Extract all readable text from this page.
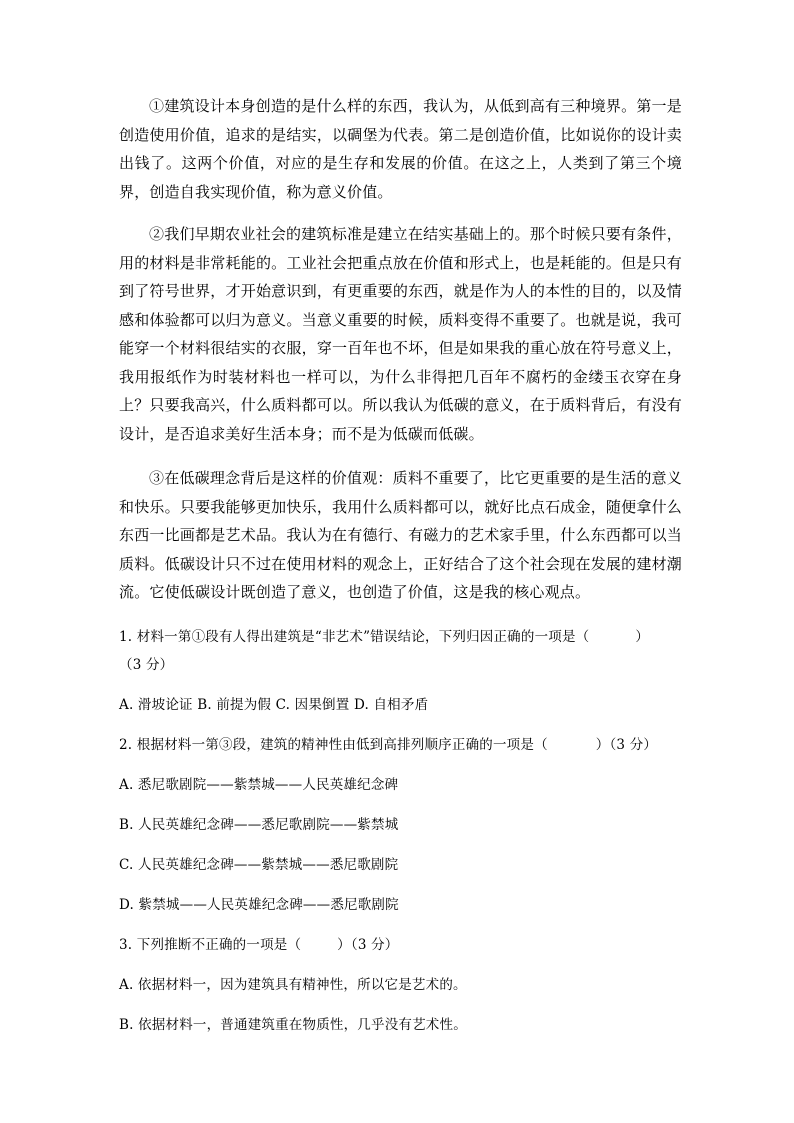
①建筑设计本身创造的是什么样的东西，我认为，从低到高有三种境界。第一是创造使用价值，追求的是结实，以碉堡为代表。第二是创造价值，比如说你的设计卖出钱了。这两个价值，对应的是生存和发展的价值。在这之上，人类到了第三个境界，创造自我实现价值，称为意义价值。

②我们早期农业社会的建筑标准是建立在结实基础上的。那个时候只要有条件，用的材料是非常耗能的。工业社会把重点放在价值和形式上，也是耗能的。但是只有到了符号世界，才开始意识到，有更重要的东西，就是作为人的本性的目的，以及情感和体验都可以归为意义。当意义重要的时候，质料变得不重要了。也就是说，我可能穿一个材料很结实的衣服，穿一百年也不坏，但是如果我的重心放在符号意义上，我用报纸作为时装材料也一样可以，为什么非得把几百年不腐朽的金缕玉衣穿在身上？只要我高兴，什么质料都可以。所以我认为低碳的意义，在于质料背后，有没有设计，是否追求美好生活本身；而不是为低碳而低碳。

③在低碳理念背后是这样的价值观：质料不重要了，比它更重要的是生活的意义和快乐。只要我能够更加快乐，我用什么质料都可以，就好比点石成金，随便拿什么东西一比画都是艺术品。我认为在有德行、有磁力的艺术家手里，什么东西都可以当质料。低碳设计只不过在使用材料的观念上，正好结合了这个社会现在发展的建材潮流。它使低碳设计既创造了意义，也创造了价值，这是我的核心观点。

1. 材料一第①段有人得出建筑是“非艺术”错误结论，下列归因正确的一项是（	）

（3 分）

A. 滑坡论证 B. 前提为假 C. 因果倒置 D. 自相矛盾

2. 根据材料一第③段，建筑的精神性由低到高排列顺序正确的一项是（	）（3 分）

A. 悉尼歌剧院——紫禁城——人民英雄纪念碑

B. 人民英雄纪念碑——悉尼歌剧院——紫禁城

C. 人民英雄纪念碑——紫禁城——悉尼歌剧院

D. 紫禁城——人民英雄纪念碑——悉尼歌剧院

3. 下列推断不正确的一项是（	）（3 分）

A. 依据材料一，因为建筑具有精神性，所以它是艺术的。

B. 依据材料一，普通建筑重在物质性，几乎没有艺术性。
